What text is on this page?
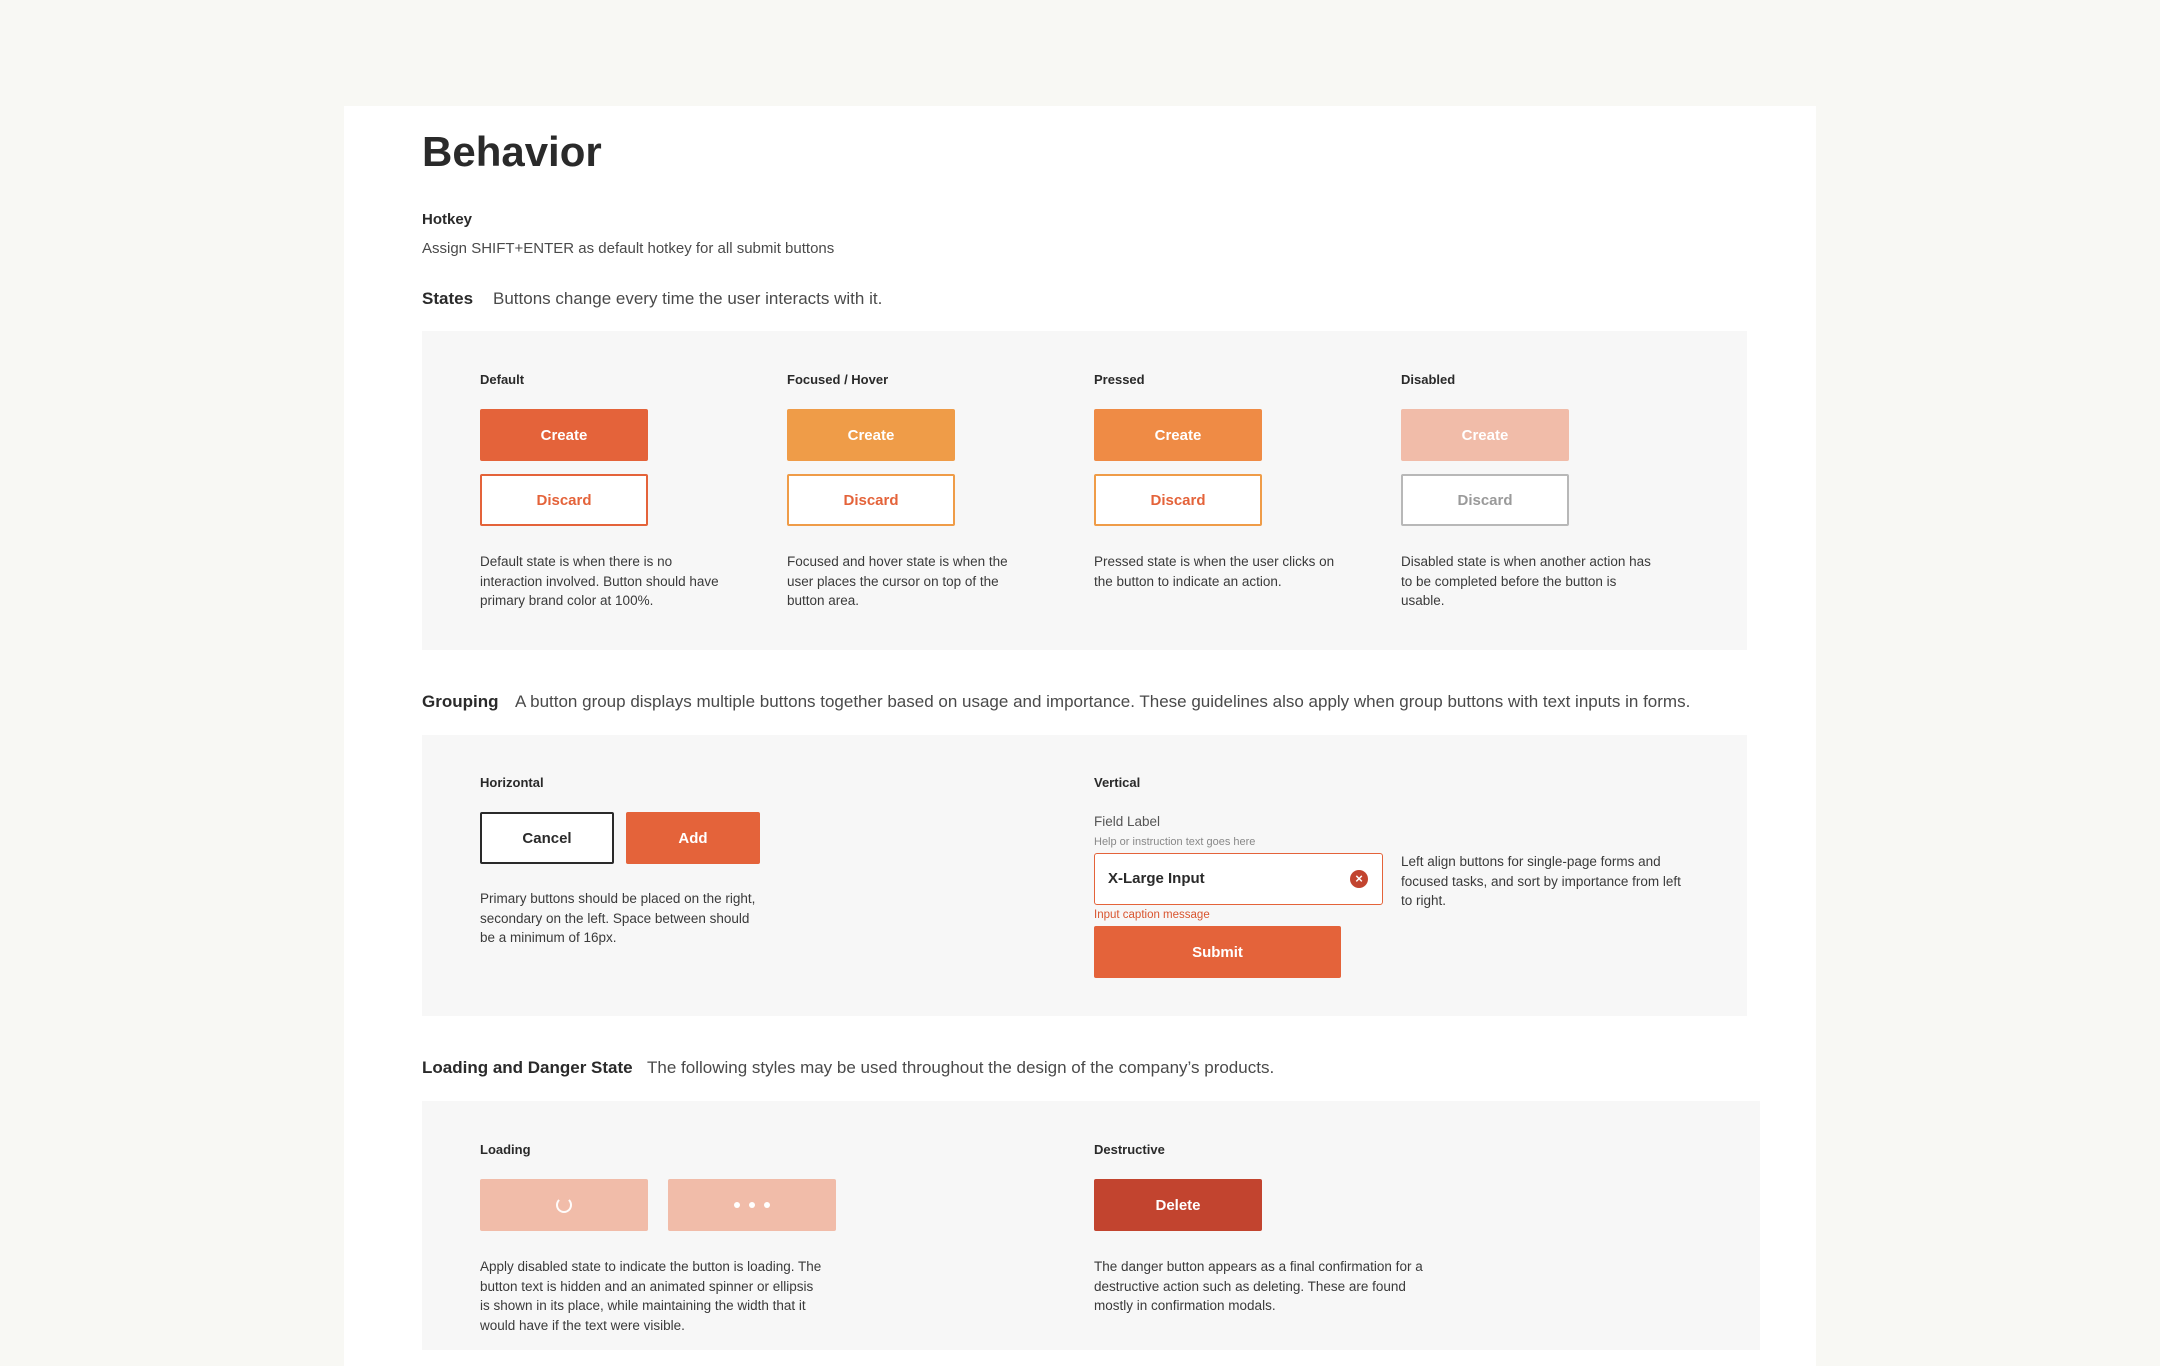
Behavior
Hotkey
Assign SHIFT+ENTER as default hotkey for all submit buttons
States Buttons change every time the user interacts with it.
Default
Create
Discard
Default state is when there is no interaction involved. Button should have primary brand color at 100%.
Focused / Hover
Create
Discard
Focused and hover state is when the user places the cursor on top of the button area.
Pressed
Create
Discard
Pressed state is when the user clicks on the button to indicate an action.
Disabled
Create
Discard
Disabled state is when another action has to be completed before the button is usable.
Grouping A button group displays multiple buttons together based on usage and importance. These guidelines also apply when group buttons with text inputs in forms.
Horizontal
Cancel	Add
Primary buttons should be placed on the right, secondary on the left. Space between should be a minimum of 16px.
Vertical
Field Label
Help or instruction text goes here
X-Large Input	×
Input caption message
Submit
Left align buttons for single-page forms and focused tasks, and sort by importance from left to right.
Loading and Danger State The following styles may be used throughout the design of the company’s products.
Loading
Apply disabled state to indicate the button is loading. The button text is hidden and an animated spinner or ellipsis is shown in its place, while maintaining the width that it would have if the text were visible.
Destructive
Delete
The danger button appears as a final confirmation for a destructive action such as deleting. These are found mostly in confirmation modals.
